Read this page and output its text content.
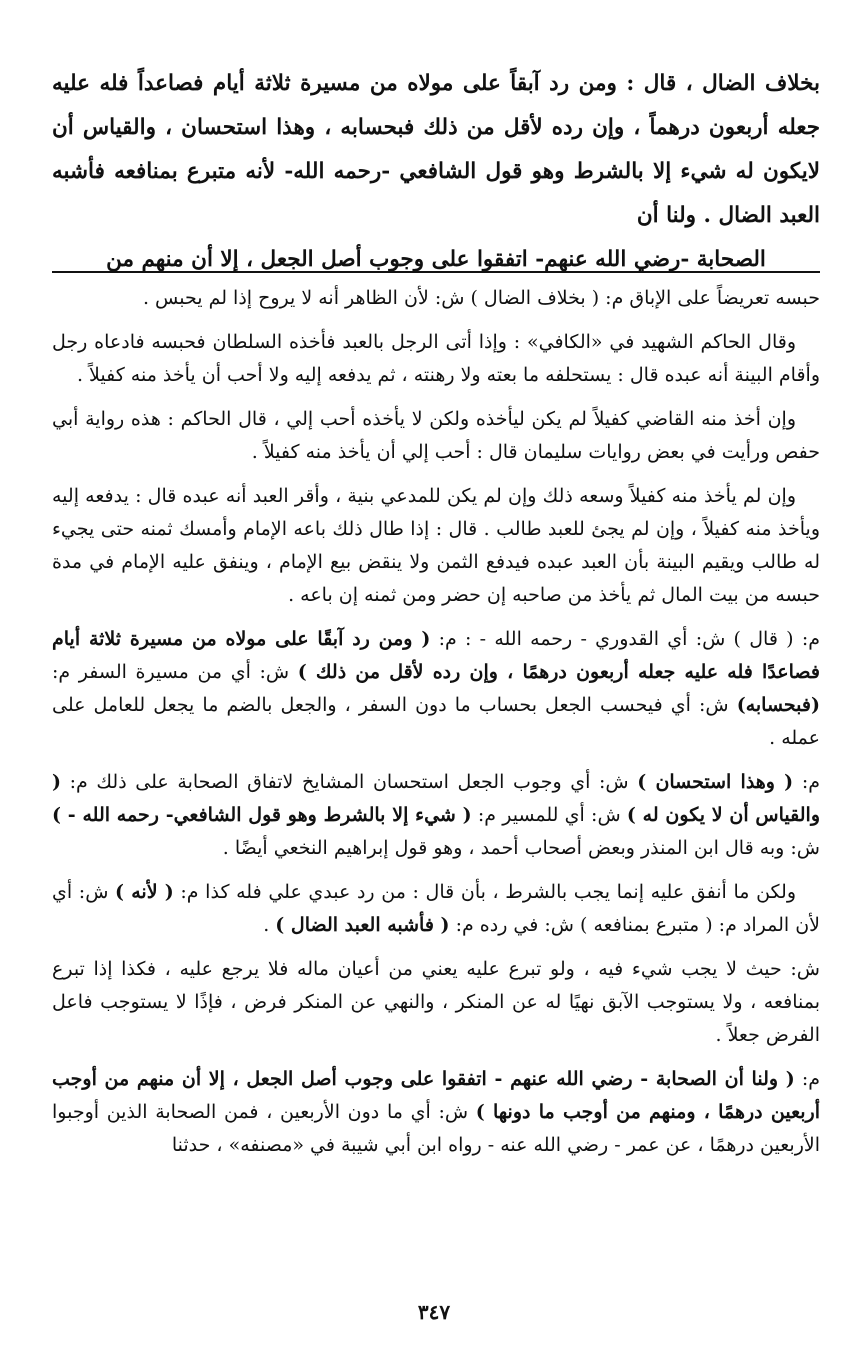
بخلاف الضال ، قال : ومن رد آبقاً على مولاه من مسيرة ثلاثة أيام فصاعداً فله عليه جعله أربعون درهماً ، وإن رده لأقل من ذلك فبحسابه ، وهذا استحسان ، والقياس أن لايكون له شيء إلا بالشرط وهو قول الشافعي -رحمه الله- لأنه متبرع بمنافعه فأشبه العبد الضال . ولنا أن
الصحابة -رضي الله عنهم- اتفقوا على وجوب أصل الجعل ، إلا أن منهم من

حبسه تعريضاً على الإباق م: ( بخلاف الضال ) ش: لأن الظاهر أنه لا يروح إذا لم يحبس .

وقال الحاكم الشهيد في «الكافي» : وإذا أتى الرجل بالعبد فأخذه السلطان فحبسه فادعاه رجل وأقام البينة أنه عبده قال : يستحلفه ما بعته ولا رهنته ، ثم يدفعه إليه ولا أحب أن يأخذ منه كفيلاً .

وإن أخذ منه القاضي كفيلاً لم يكن ليأخذه ولكن لا يأخذه أحب إلي ، قال الحاكم : هذه رواية أبي حفص ورأيت في بعض روايات سليمان قال : أحب إلي أن يأخذ منه كفيلاً .

وإن لم يأخذ منه كفيلاً وسعه ذلك وإن لم يكن للمدعي بنية ، وأقر العبد أنه عبده قال : يدفعه إليه ويأخذ منه كفيلاً ، وإن لم يجئ للعبد طالب . قال : إذا طال ذلك باعه الإمام وأمسك ثمنه حتى يجيء له طالب ويقيم البينة بأن العبد عبده فيدفع الثمن ولا ينقض بيع الإمام ، وينفق عليه الإمام في مدة حبسه من بيت المال ثم يأخذ من صاحبه إن حضر ومن ثمنه إن باعه .

م: ( قال ) ش: أي القدوري - رحمه الله - : م: ( ومن رد آبقًا على مولاه من مسيرة ثلاثة أيام فصاعدًا فله عليه جعله أربعون درهمًا ، وإن رده لأقل من ذلك ) ش: أي من مسيرة السفر م: (فبحسابه) ش: أي فيحسب الجعل بحساب ما دون السفر ، والجعل بالضم ما يجعل للعامل على عمله .

م: ( وهذا استحسان ) ش: أي وجوب الجعل استحسان المشايخ لاتفاق الصحابة على ذلك م: ( والقياس أن لا يكون له ) ش: أي للمسير م: ( شيء إلا بالشرط وهو قول الشافعي- رحمه الله - ) ش: وبه قال ابن المنذر وبعض أصحاب أحمد ، وهو قول إبراهيم النخعي أيضًا .

ولكن ما أنفق عليه إنما يجب بالشرط ، بأن قال : من رد عبدي علي فله كذا م: ( لأنه ) ش: أي لأن المراد م: ( متبرع بمنافعه ) ش: في رده م: ( فأشبه العبد الضال ) .

ش: حيث لا يجب شيء فيه ، ولو تبرع عليه يعني من أعيان ماله فلا يرجع عليه ، فكذا إذا تبرع بمنافعه ، ولا يستوجب الآبق نهيًا له عن المنكر ، والنهي عن المنكر فرض ، فإذًا لا يستوجب فاعل الفرض جعلاً .

م: ( ولنا أن الصحابة - رضي الله عنهم - اتفقوا على وجوب أصل الجعل ، إلا أن منهم من أوجب أربعين درهمًا ، ومنهم من أوجب ما دونها ) ش: أي ما دون الأربعين ، فمن الصحابة الذين أوجبوا الأربعين درهمًا ، عن عمر - رضي الله عنه - رواه ابن أبي شيبة في «مصنفه» ، حدثنا

٣٤٧
